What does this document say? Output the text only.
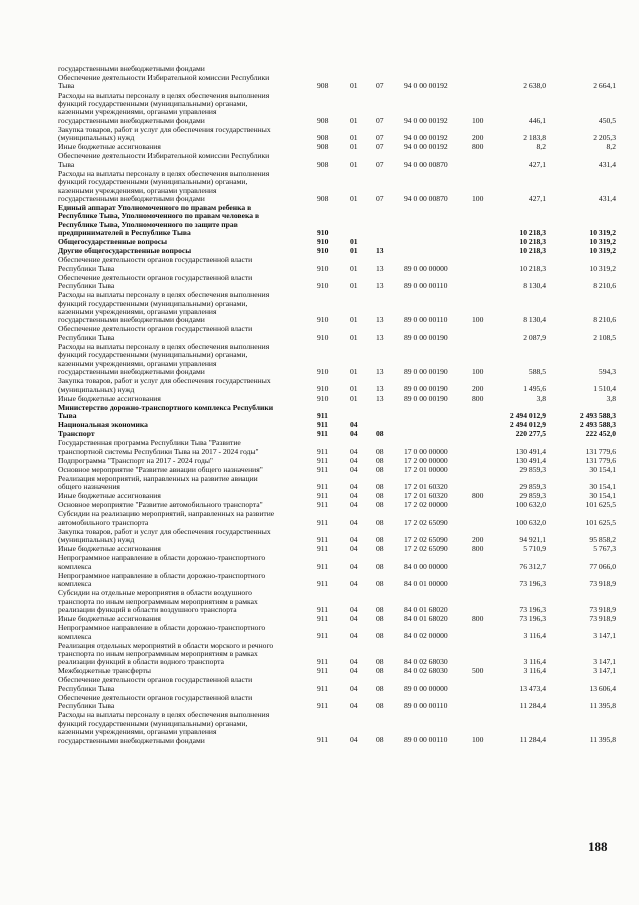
государственными внебюджетными фондами
Обеспечение деятельности Избирательной комиссии Республики
Тыва	908	01 07	94 0 00 00192	2 638,0	2 664,1
Расходы на выплаты персоналу в целях обеспечения выполнения
функций государственными (муниципальными) органами,
казенными учреждениями, органами управления
государственными внебюджетными фондами	908	01 07	94 0 00 00192	100	446,1	450,5
Закупка товаров, работ и услуг для обеспечения государственных
(муниципальных) нужд	908	01 07	94 0 00 00192	200	2 183,8	2 205,3
Иные бюджетные ассигнования	908	01 07	94 0 00 00192	800	8,2	8,2
Обеспечение деятельности Избирательной комиссии Республики
Тыва	908	01 07	94 0 00 00870	427,1	431,4
Расходы на выплаты персоналу в целях обеспечения выполнения
функций государственными (муниципальными) органами,
казенными учреждениями, органами управления
государственными внебюджетными фондами	908	01 07	94 0 00 00870	100	427,1	431,4
Единый аппарат Уполномоченного по правам ребенка в
Республике Тыва, Уполномоченного по правам человека в
Республике Тыва, Уполномоченного по защите прав
предпринимателей в Республике Тыва	910	10 218,3	10 319,2
Общегосударственные вопросы	910	01	10 218,3	10 319,2
Другие общегосударственные вопросы	910	01 13	10 218,3	10 319,2
Обеспечение деятельности органов государственной власти
Республики Тыва	910	01 13	89 0 00 00000	10 218,3	10 319,2
Обеспечение деятельности органов государственной власти
Республики Тыва	910	01 13	89 0 00 00110	8 130,4	8 210,6
Расходы на выплаты персоналу в целях обеспечения выполнения
функций государственными (муниципальными) органами,
казенными учреждениями, органами управления
государственными внебюджетными фондами	910	01 13	89 0 00 00110	100	8 130,4	8 210,6
Обеспечение деятельности органов государственной власти
Республики Тыва	910	01 13	89 0 00 00190	2 087,9	2 108,5
Расходы на выплаты персоналу в целях обеспечения выполнения
функций государственными (муниципальными) органами,
казенными учреждениями, органами управления
государственными внебюджетными фондами	910	01 13	89 0 00 00190	100	588,5	594,3
Закупка товаров, работ и услуг для обеспечения государственных
(муниципальных) нужд	910	01 13	89 0 00 00190	200	1 495,6	1 510,4
Иные бюджетные ассигнования	910	01 13	89 0 00 00190	800	3,8	3,8
Министерство дорожно-транспортного комплекса Республики
Тыва	911	2 494 012,9	2 493 588,3
Национальная экономика	911	04	2 494 012,9	2 493 588,3
Транспорт	911	04 08	220 277,5	222 452,0
Государственная программа Республики Тыва "Развитие
транспортной системы Республики Тыва на 2017 - 2024 годы"	911	04 08	17 0 00 00000	130 491,4	131 779,6
Подпрограмма "Транспорт на 2017 - 2024 годы"	911	04 08	17 2 00 00000	130 491,4	131 779,6
Основное мероприятие "Развитие авиации общего назначения"	911	04 08	17 2 01 00000	29 859,3	30 154,1
Реализация мероприятий, направленных на развитие авиации
общего назначения	911	04 08	17 2 01 60320	29 859,3	30 154,1
Иные бюджетные ассигнования	911	04 08	17 2 01 60320	800	29 859,3	30 154,1
Основное мероприятие "Развитие автомобильного транспорта"	911	04 08	17 2 02 00000	100 632,0	101 625,5
Субсидии на реализацию мероприятий, направленных на развитие
автомобильного транспорта	911	04 08	17 2 02 65090	100 632,0	101 625,5
Закупка товаров, работ и услуг для обеспечения государственных
(муниципальных) нужд	911	04 08	17 2 02 65090	200	94 921,1	95 858,2
Иные бюджетные ассигнования	911	04 08	17 2 02 65090	800	5 710,9	5 767,3
Непрограммное направление в области дорожно-транспортного
комплекса	911	04 08	84 0 00 00000	76 312,7	77 066,0
Непрограммное направление в области дорожно-транспортного
комплекса	911	04 08	84 0 01 00000	73 196,3	73 918,9
Субсидии на отдельные мероприятия в области воздушного
транспорта по иным непрограммным мероприятиям в рамках
реализации функций в области воздушного транспорта	911	04 08	84 0 01 68020	73 196,3	73 918,9
Иные бюджетные ассигнования	911	04 08	84 0 01 68020	800	73 196,3	73 918,9
Непрограммное направление в области дорожно-транспортного
комплекса	911	04 08	84 0 02 00000	3 116,4	3 147,1
Реализация отдельных мероприятий в области морского и речного
транспорта по иным непрограммным мероприятиям в рамках
реализации функций в области водного транспорта	911	04 08	84 0 02 68030	3 116,4	3 147,1
Межбюджетные трансферты	911	04 08	84 0 02 68030	500	3 116,4	3 147,1
Обеспечение деятельности органов государственной власти
Республики Тыва	911	04 08	89 0 00 00000	13 473,4	13 606,4
Обеспечение деятельности органов государственной власти
Республики Тыва	911	04 08	89 0 00 00110	11 284,4	11 395,8
Расходы на выплаты персоналу в целях обеспечения выполнения
функций государственными (муниципальными) органами,
казенными учреждениями, органами управления
государственными внебюджетными фондами	911	04 08	89 0 00 00110	100	11 284,4	11 395,8
188
